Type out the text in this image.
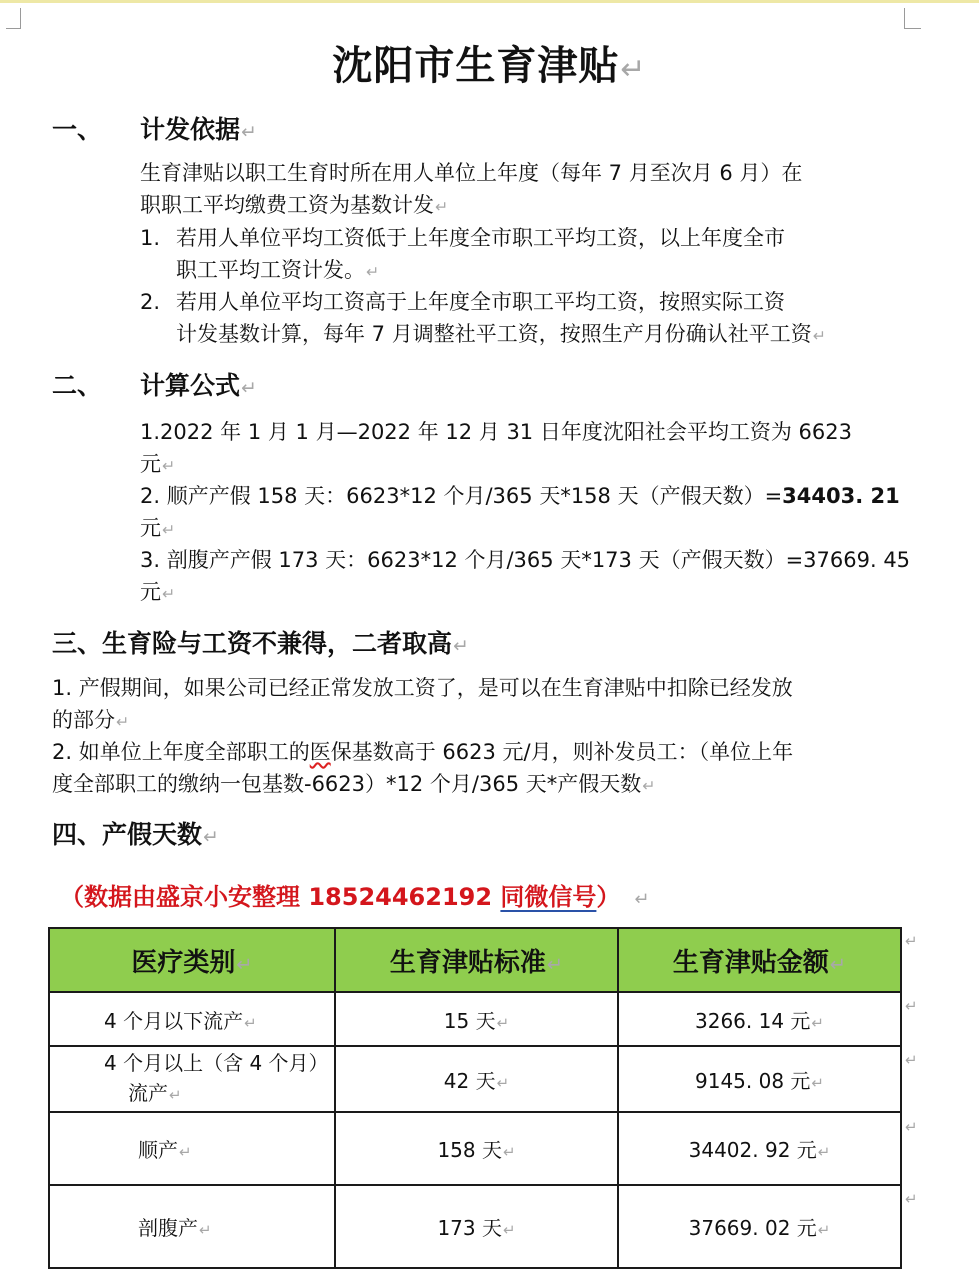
沈阳市生育津贴 ↵
一、 计发依据 ↵
生育津贴以职工生育时所在用人单位上年度（每年 7 月至次月 6 月）在
职职工平均缴费工资为基数计发 ↵
1. 若用人单位平均工资低于上年度全市职工平均工资，以上年度全市
职工平均工资计发。 ↵
2. 若用人单位平均工资高于上年度全市职工平均工资，按照实际工资
计发基数计算，每年 7 月调整社平工资，按照生产月份确认社平工资 ↵
二、 计算公式 ↵
1.2022 年 1 月 1 月—2022 年 12 月 31 日年度沈阳社会平均工资为 6623
元 ↵
2. 顺产产假 158 天：6623*12 个月/365 天*158 天（产假天数）=34403. 21
元 ↵
3. 剖腹产产假 173 天：6623*12 个月/365 天*173 天（产假天数）=37669. 45
元 ↵
三、生育险与工资不兼得，二者取高 ↵
1. 产假期间，如果公司已经正常发放工资了，是可以在生育津贴中扣除已经发放
的部分 ↵
2. 如单位上年度全部职工的医保基数高于 6623 元/月，则补发员工：（单位上年
度全部职工的缴纳一包基数-6623）*12 个月/365 天*产假天数 ↵
四、产假天数 ↵
（数据由盛京小安整理 18524462192 同微信号） ↵
医疗类别 ↵	生育津贴标准 ↵	生育津贴金额 ↵
4 个月以下流产 ↵	15 天 ↵	3266. 14 元 ↵

4 个月以上（含 4 个月）
流产 ↵	42 天 ↵	9145. 08 元 ↵
顺产 ↵	158 天 ↵	34402. 92 元 ↵
剖腹产 ↵	173 天 ↵	37669. 02 元 ↵
↵
↵
↵
↵
↵
